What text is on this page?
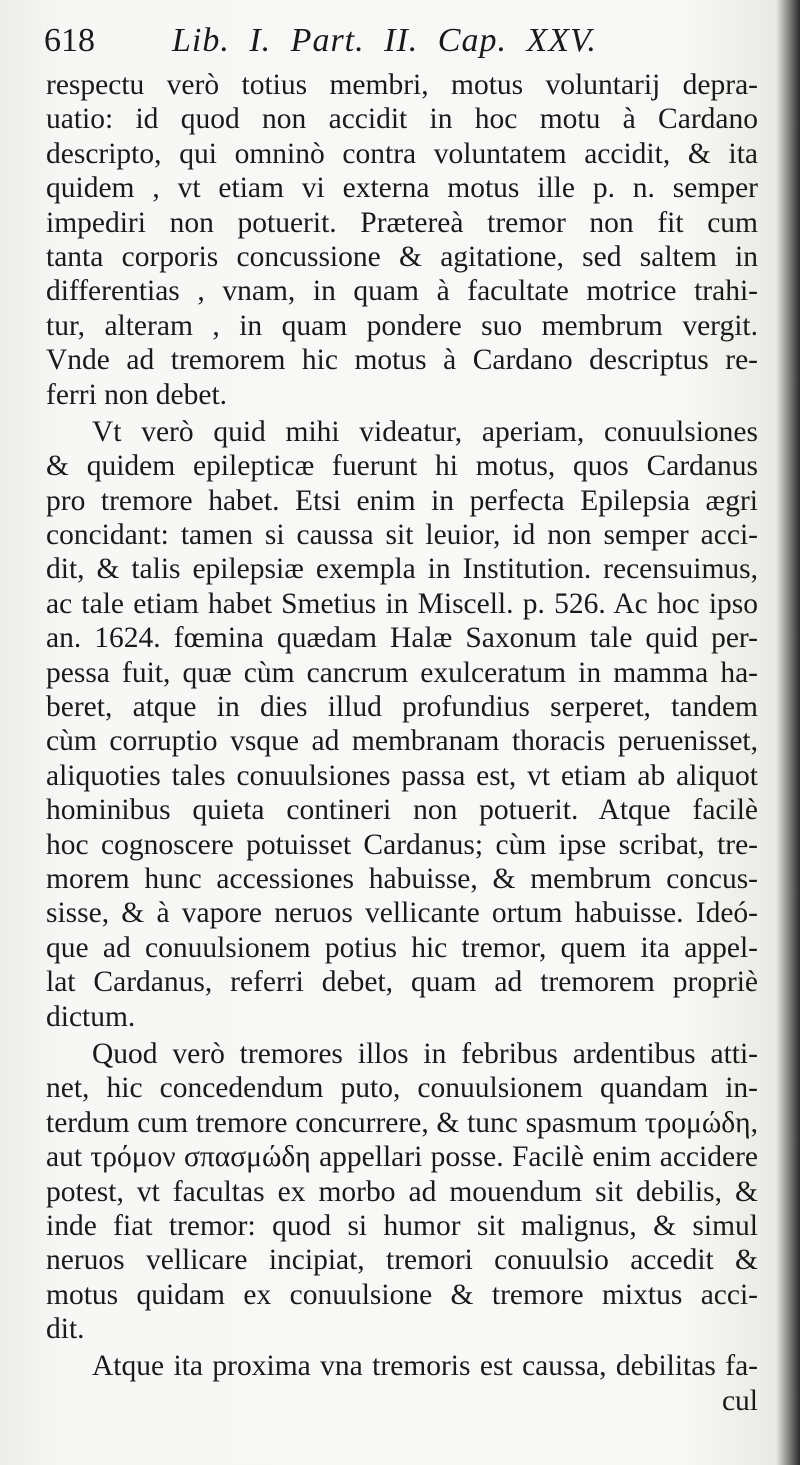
618 Lib. I. Part. II. Cap. XXV.
respectu verò totius membri, motus voluntarij depra-
uatio: id quod non accidit in hoc motu à Cardano
descripto, qui omninò contra voluntatem accidit, & ita
quidem , vt etiam vi externa motus ille p. n. semper
impediri non potuerit. Prætereà tremor non fit cum
tanta corporis concussione & agitatione, sed saltem in
differentias , vnam, in quam à facultate motrice trahi-
tur, alteram , in quam pondere suo membrum vergit.
Vnde ad tremorem hic motus à Cardano descriptus re-
ferri non debet.
Vt verò quid mihi videatur, aperiam, conuulsiones
& quidem epilepticæ fuerunt hi motus, quos Cardanus
pro tremore habet. Etsi enim in perfecta Epilepsia ægri
concidant: tamen si caussa sit leuior, id non semper acci-
dit, & talis epilepsiæ exempla in Institution. recensuimus,
ac tale etiam habet Smetius in Miscell. p. 526. Ac hoc ipso
an. 1624. fœmina quædam Halæ Saxonum tale quid per-
pessa fuit, quæ cùm cancrum exulceratum in mamma ha-
beret, atque in dies illud profundius serperet, tandem
cùm corruptio vsque ad membranam thoracis peruenisset,
aliquoties tales conuulsiones passa est, vt etiam ab aliquot
hominibus quieta contineri non potuerit. Atque facilè
hoc cognoscere potuisset Cardanus; cùm ipse scribat, tre-
morem hunc accessiones habuisse, & membrum concus-
sisse, & à vapore neruos vellicante ortum habuisse. Ideó-
que ad conuulsionem potius hic tremor, quem ita appel-
lat Cardanus, referri debet, quam ad tremorem propriè
dictum.
Quod verò tremores illos in febribus ardentibus atti-
net, hic concedendum puto, conuulsionem quandam in-
terdum cum tremore concurrere, & tunc spasmum τρομώδη,
aut τρόμον σπασμώδη appellari posse. Facilè enim accidere
potest, vt facultas ex morbo ad mouendum sit debilis, &
inde fiat tremor: quod si humor sit malignus, & simul
neruos vellicare incipiat, tremori conuulsio accedit &
motus quidam ex conuulsione & tremore mixtus acci-
dit.
Atque ita proxima vna tremoris est caussa, debilitas fa-
cul
